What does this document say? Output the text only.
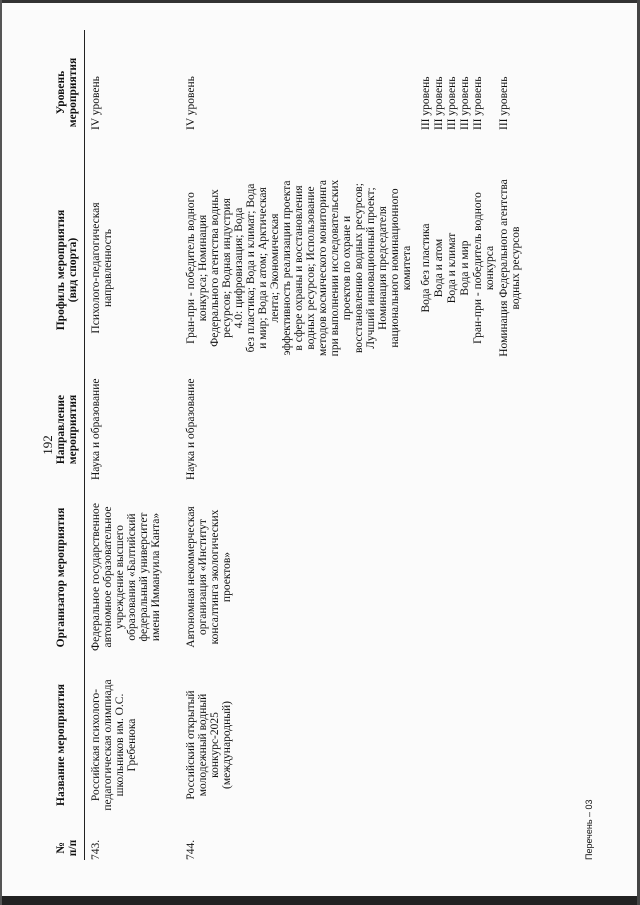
192
№ п/п
Название мероприятия
Организатор мероприятия
Направление мероприятия
Профиль мероприятия (вид спорта)
Уровень мероприятия
743.
Российская психолого- педагогическая олимпиада школьников им. О.С. Гребенюка
Федеральное государственное автономное образовательное учреждение высшего образования «Балтийский федеральный университет имени Иммануила Канта»
Наука и образование
Психолого-педагогическая направленность
IV уровень
744.
Российский открытый молодежный водный конкурс-2025 (международный)
Автономная некоммерческая организация «Институт консалтинга экологических проектов»
Наука и образование
Гран-при - победитель водного конкурса; Номинация Федерального агентства водных ресурсов; Водная индустрия 4.0: цифровизация; Вода без пластика; Вода и климат; Вода и мир; Вода и атом; Арктическая лента; Экономическая эффективность реализации проекта в сфере охраны и восстановления водных ресурсов; Использование методов космического мониторинга при выполнении исследовательских проектов по охране и восстановлению водных ресурсов; Лучший инновационный проект; Номинация председателя национального номинационного комитета
IV уровень
Вода без пластика
III уровень
Вода и атом
III уровень
Вода и климат
III уровень
Вода и мир
III уровень
Гран-при - победитель водного конкурса
III уровень
Номинация Федерального агентства водных ресурсов
III уровень
Перечень – 03
